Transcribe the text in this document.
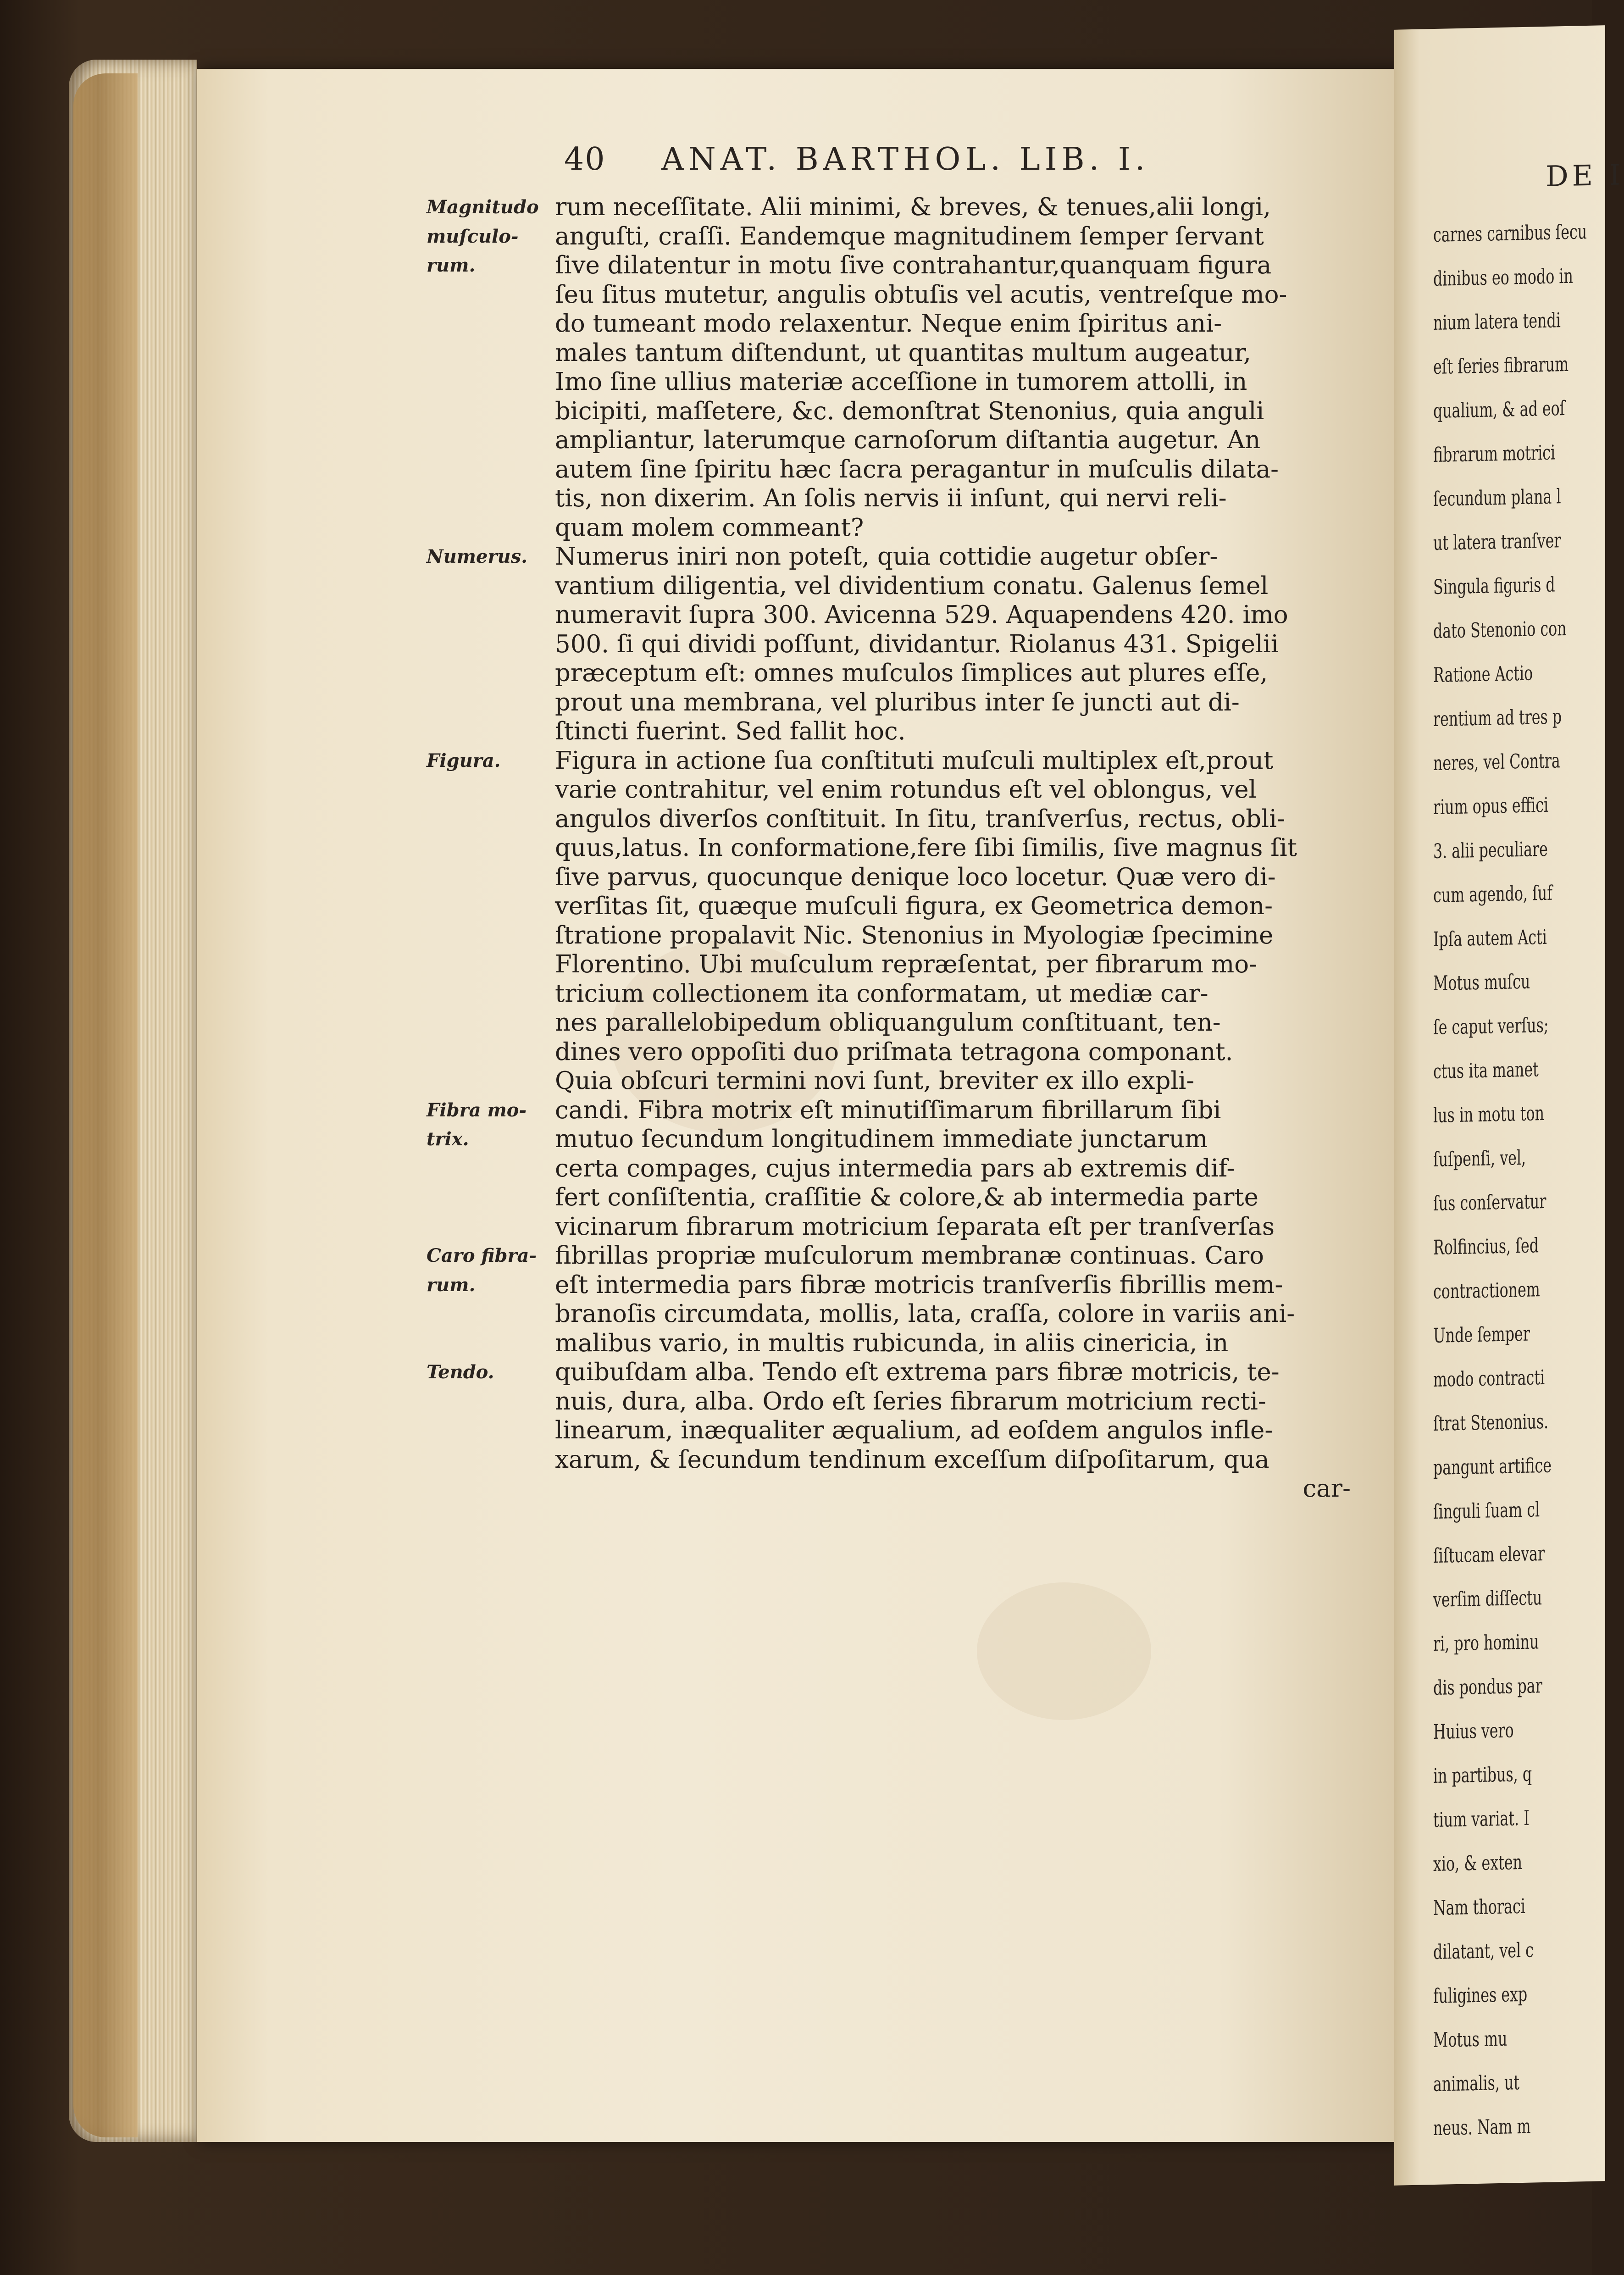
40 ANAT. BARTHOL. LIB. I.
Magnitudo
muſculo-
rum.
Numerus.
Figura.
Fibra mo-
trix.
Caro fibra-
rum.
Tendo.
rum neceſſitate. Alii minimi, & breves, & tenues,alii longi,
anguſti, craſſi. Eandemque magnitudinem ſemper ſervant
ſive dilatentur in motu ſive contrahantur,quanquam figura
ſeu ſitus mutetur, angulis obtuſis vel acutis, ventreſque mo-
do tumeant modo relaxentur. Neque enim ſpiritus ani-
males tantum diſtendunt, ut quantitas multum augeatur,
Imo ſine ullius materiæ acceſſione in tumorem attolli, in
bicipiti, maſſetere, &c. demonſtrat Stenonius, quia anguli
ampliantur, laterumque carnoſorum diſtantia augetur. An
autem ſine ſpiritu hæc ſacra peragantur in muſculis dilata-
tis, non dixerim. An ſolis nervis ii inſunt, qui nervi reli-
quam molem commeant?
Numerus iniri non poteſt, quia cottidie augetur obſer-
vantium diligentia, vel dividentium conatu. Galenus ſemel
numeravit ſupra 300. Avicenna 529. Aquapendens 420. imo
500. ſi qui dividi poſſunt, dividantur. Riolanus 431. Spigelii
præceptum eſt: omnes muſculos ſimplices aut plures eſſe,
prout una membrana, vel pluribus inter ſe juncti aut di-
ſtincti fuerint. Sed fallit hoc.
Figura in actione ſua conſtituti muſculi multiplex eſt,prout
varie contrahitur, vel enim rotundus eſt vel oblongus, vel
angulos diverſos conſtituit. In ſitu, tranſverſus, rectus, obli-
quus,latus. In conformatione,fere ſibi ſimilis, ſive magnus ſit
ſive parvus, quocunque denique loco locetur. Quæ vero di-
verſitas ſit, quæque muſculi figura, ex Geometrica demon-
ſtratione propalavit Nic. Stenonius in Myologiæ ſpecimine
Florentino. Ubi muſculum repræſentat, per fibrarum mo-
tricium collectionem ita conformatam, ut mediæ car-
nes parallelobipedum obliquangulum conſtituant, ten-
dines vero oppoſiti duo priſmata tetragona componant.
Quia obſcuri termini novi ſunt, breviter ex illo expli-
candi. Fibra motrix eſt minutiſſimarum fibrillarum ſibi
mutuo ſecundum longitudinem immediate junctarum
certa compages, cujus intermedia pars ab extremis dif-
fert conſiſtentia, craſſitie & colore,& ab intermedia parte
vicinarum fibrarum motricium ſeparata eſt per tranſverſas
fibrillas propriæ muſculorum membranæ continuas. Caro
eſt intermedia pars fibræ motricis tranſverſis fibrillis mem-
branoſis circumdata, mollis, lata, craſſa, colore in variis ani-
malibus vario, in multis rubicunda, in aliis cinericia, in
quibuſdam alba. Tendo eſt extrema pars fibræ motricis, te-
nuis, dura, alba. Ordo eſt ſeries fibrarum motricium recti-
linearum, inæqualiter æqualium, ad eoſdem angulos infle-
xarum, & ſecundum tendinum exceſſum diſpoſitarum, qua
car-
DE I
carnes carnibus ſecu
dinibus eo modo in
nium latera tendi
eſt ſeries fibrarum
qualium, & ad eoſ
fibrarum motrici
ſecundum plana l
ut latera tranſver
Singula figuris d
dato Stenonio con
Ratione Actio
rentium ad tres p
neres, vel Contra
rium opus effici
3. alii peculiare
cum agendo, ſuf
Ipſa autem Acti
Motus muſcu
ſe caput verſus;
ctus ita manet
lus in motu ton
ſuſpenſi, vel,
ſus conſervatur
Rolfincius, ſed
contractionem
Unde ſemper
modo contracti
ſtrat Stenonius.
pangunt artifice
ſinguli ſuam cl
ſiſtucam elevar
verſim diſſectu
ri, pro hominu
dis pondus par
Huius vero
in partibus, q
tium variat. I
xio, & exten
Nam thoraci
dilatant, vel c
fuligines exp
Motus mu
animalis, ut
neus. Nam m
